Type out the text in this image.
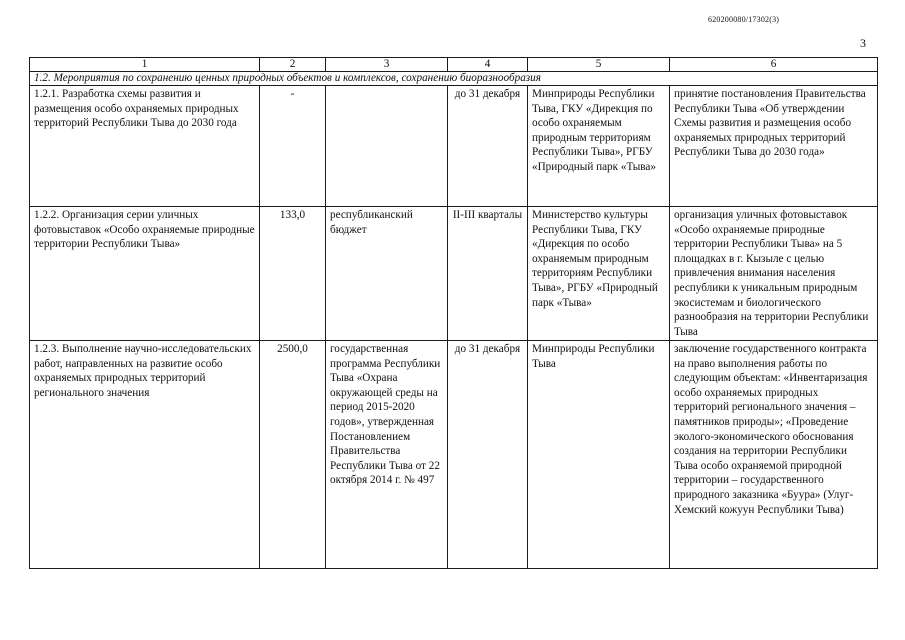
620200080/17302(3)
3
1	2	3	4	5	6
1.2. Мероприятия по сохранению ценных природных объектов и комплексов, сохранению биоразнообразия					
1.2.1. Разработка схемы развития и размещения особо охраняемых природных территорий Республики Тыва до 2030 года	-		до 31 декабря	Минприроды Республики Тыва, ГКУ «Дирекция по особо охраняемым природным территориям Республики Тыва», РГБУ «Природный парк «Тыва»	принятие постановления Правительства Республики Тыва «Об утверждении Схемы развития и размещения особо охраняемых природных территорий Республики Тыва до 2030 года»
1.2.2. Организация серии уличных фотовыставок «Особо охраняемые природные территории Республики Тыва»	133,0	республиканский бюджет	II-III кварталы	Министерство культуры Республики Тыва, ГКУ «Дирекция по особо охраняемым природным территориям Республики Тыва», РГБУ «Природный парк «Тыва»	организация уличных фотовыставок «Особо охраняемые природные территории Республики Тыва» на 5 площадках в г. Кызыле с целью привлечения внимания населения республики к уникальным природным экосистемам и биологического разнообразия на территории Республики Тыва
1.2.3. Выполнение научно-исследовательских работ, направленных на развитие особо охраняемых природных территорий регионального значения	2500,0	государственная программа Республики Тыва «Охрана окружающей среды на период 2015-2020 годов», утвержденная Постановлением Правительства Республики Тыва от 22 октября 2014 г. № 497	до 31 декабря	Минприроды Республики Тыва	заключение государственного контракта на право выполнения работы по следующим объектам: «Инвентаризация особо охраняемых природных территорий регионального значения – памятников природы»; «Проведение эколого-экономического обоснования создания на территории Республики Тыва особо охраняемой природной территории – государственного природного заказника «Буура» (Улуг-Хемский кожуун Республики Тыва)
